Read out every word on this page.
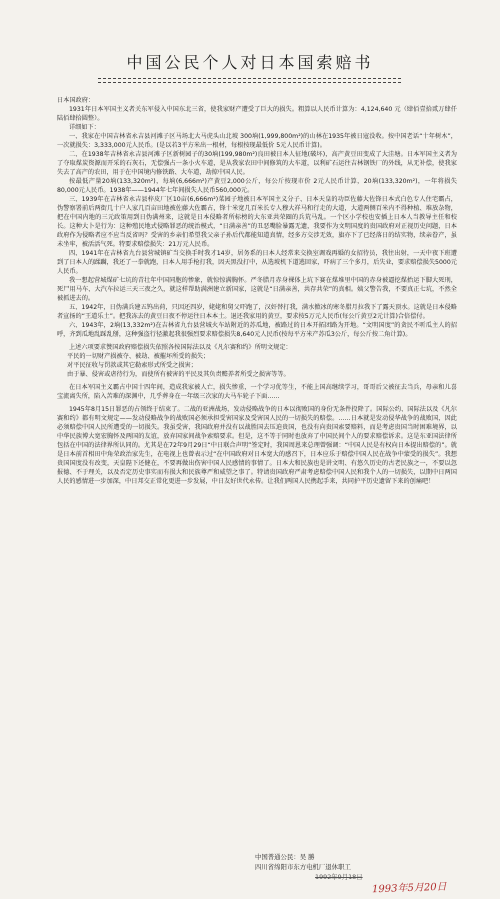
中国公民个人对日本国索赔书

日本国政府：

1931年日本军国主义者关东军侵入中国东北三省，使我家财产遭受了巨大的损失。粗算以人民币计算为：4,124,640 元（肆佰壹拾贰万肆仟陆佰肆拾圆整）。

详细如下：

一、我家在中国吉林省永吉县河滩子区马场北大马虎头山北坡 300垧(1,999,800m²)的山林在1935年被日寇没收。按中国老话“十年树木”，一次就损失：3,333,000元人民币。(是以若3平方米出一根材，每根按现最低价 5元人民币计算)。

二、在1938年吉林省永吉县河滩子区新树园子的30垧(199,980m²)良田被日本人征地(破坏)，高产黄豆田变成了大洼塘。日本军国主义者为了夺取煤炭资源而开采的石灰石，无偿强占一条小火车道，是从我家农田中间修筑的大车道，以利矿石运往吉林钢铁厂的外线，从无补偿，使我家失去了高产的农田，用于在中国境内修铁路、大车道，劫掠中国人民。

按最低产量20垧(133,320m²)，每垧(6,666m²)产黄豆2,000公斤，每公斤按现市价 2元人民币计算，20垧(133,320m²)，一年将损失80,000元人民币。1938年——1944年七年间损失人民币560,000元。

三、1939年在吉林省永吉县梓皮厂区10亩(6,666m²)菜园子地被日本军国主义分子、日本天皇的功臣佐藤大佐锋日本式白色专人住宅霸占，伪警察署前后两街几十户人家几百亩田地被佐藤大佐霸占，锋十米宽几百米长专人穆大祥马和行走的大道，大道两侧百米内不得种植、堆放杂物，把在中国内地的三元政策用到日伪满州来，这就是日本侵略者所标榜的大东亚共荣圈的兵荒马乱。一个区小学校也安插上日本人当教导主任和校长。这种大卜是行为：这种殖民地式侵略罪恶的统治模式，“日满亲善”的丑恶嘴脸暴露无遗，我要作为文明国度的贵国政府对正视历史问题，日本政府作为侵略者应不应当反省吗？受害的乡亲们希望我父亲子孙后代都能知道真情，经多方交涉无效，旗亦下了已经落日的结实物，续亲眷产，虽未坐牢，被活活气死。特要求赔偿损失：21万元人民币。

四、1941年在吉林省九台县营城镇矿当交换手时我才14岁，居务系的日本人经常来交换室调戏再婚的女招待员，我往出射，一天中夜下班遭到了日本人的蹂躏，我还了一拳就跑，日本人用手枪打我，因天黑没打中，从选坡机下道逃回家，吓病了三个多月，后失业，要求赔偿损失5000元人民币。

我一想起营城煤矿七坑的青壮年中国同胞的惨象，就惊惊满胸怀。严冬腊月赤身裸体上坑下赛在煤堆里中国的赤身被逼挖煤抬运下脚大死刑，死尸用马车、大汽车拉运三天三夜之久，就这样帮助满洲建立新国家，这就是“日满亲善，共存共荣”的真相。姨父警告我，不要真正七坑，不然全被抓进去的。

五、1942年，日伪满兵建五钨出荷，只因还四岁，姥姥和舅父吓跑了，汉奸替打我，满水掀冰的寒冬腊月拉我下了露天顶水。这就是日本侵略者宣扬的“王道乐土”。把我冻去的黄豆日夜不停运往日本本土。退还我家用的黄豆，要求按5万元人民币(每公斤黄豆2元计算)合倍偿付。

六、1943年，2垧(13,332m²)在吉林省九台县营城火车站附近的苏瓜地，被路过的日本开拓团路为开地。“文明国度”的贪民不听瓜主人的招呼，齐到瓜地乱踩乱掰，这种强盗行径激起我很强烈要求赔偿损失8,640元人民币(按每平方米产苏瓜3公斤，每公斤按二角计算)。

上述六项要求赞国政府赔偿损失依照各按国际法以及《凡尔赛和约》所明文规定：

平民的一切财产损被夺、被劫、被摧坏所受的损失；

对平民征收与罚款或其它勒索形式所受之损害；

由于暴、侵害或虐待行为，而使所有被害的平民及其负责赡养者所受之损害等等。

在日本军国主义霸占中国十四年间，造成我家被人亡，损失惨重，一个学习优等生，不能上国高继续学习，哥哥后父被征去当兵，母亲和儿喜宝流离失所，陷入苦难的深渊中，几乎葬身在一年级三次家的大马车轮子下面……

1945年8月15日罪恶的占领终于结束了。二战的亚洲战场，发动侵略战争的日本以彻败国的身份无条件投降了。国际公约、国际法以及《凡尔赛和约》都有明文规定——发动侵略战争的战败国必须承担受害国家及受害国人民的一切损失的赔偿。……日本就是发动侵华战争的战败国，因此必须赔偿中国人民所遭受的一切损失。我虽受害，我国政府并没有以战胜国去压迫贵国，也没有向贵国索要赔料，而是考虑贵国当时困难境界，以中华民族博大宽宏胸怀及两国的友谊，放弃国家间战争索赔要求。但是，这不等于同时也放弃了中国民间个人的要求赔偿诉求。这是东亚国法律所包括在中国的法律界所认同的。尤其是在72年9月29日“中日联合声明”签定时，我国周恩来总理曾强调：“中国人民是有权向日本提出赔偿的”。就是日本前首相田中角荣政治家先生，在电视上也曾表示过“在中国政府对日本宽大的感召下，日本应乐于赔偿中国人民在战争中蒙受的损失”。我想贵国国度没有改变，天皇陛下还健在，不要再做出伤害中国人民感情的事情了。日本大和民族也是讲文明、有悠久历史的古老民族之一，不要以忽报德、不于理关，以及否定历史事实而有损大和民族尊严和威望之事了。特请贵国政府严肃考虑赔偿中国人民和我个人的一切损失，以期中日两国人民的感情进一步加深，中日邦交正常化更进一步发展，中日友好世代永传。让我们两国人民携起手来，共同护平历史遗留下来的创痛吧！

中国普通公民：吴 勝
四川省绵阳市东方电机厂退休职工
1992年9月18日
1993年5月20日
